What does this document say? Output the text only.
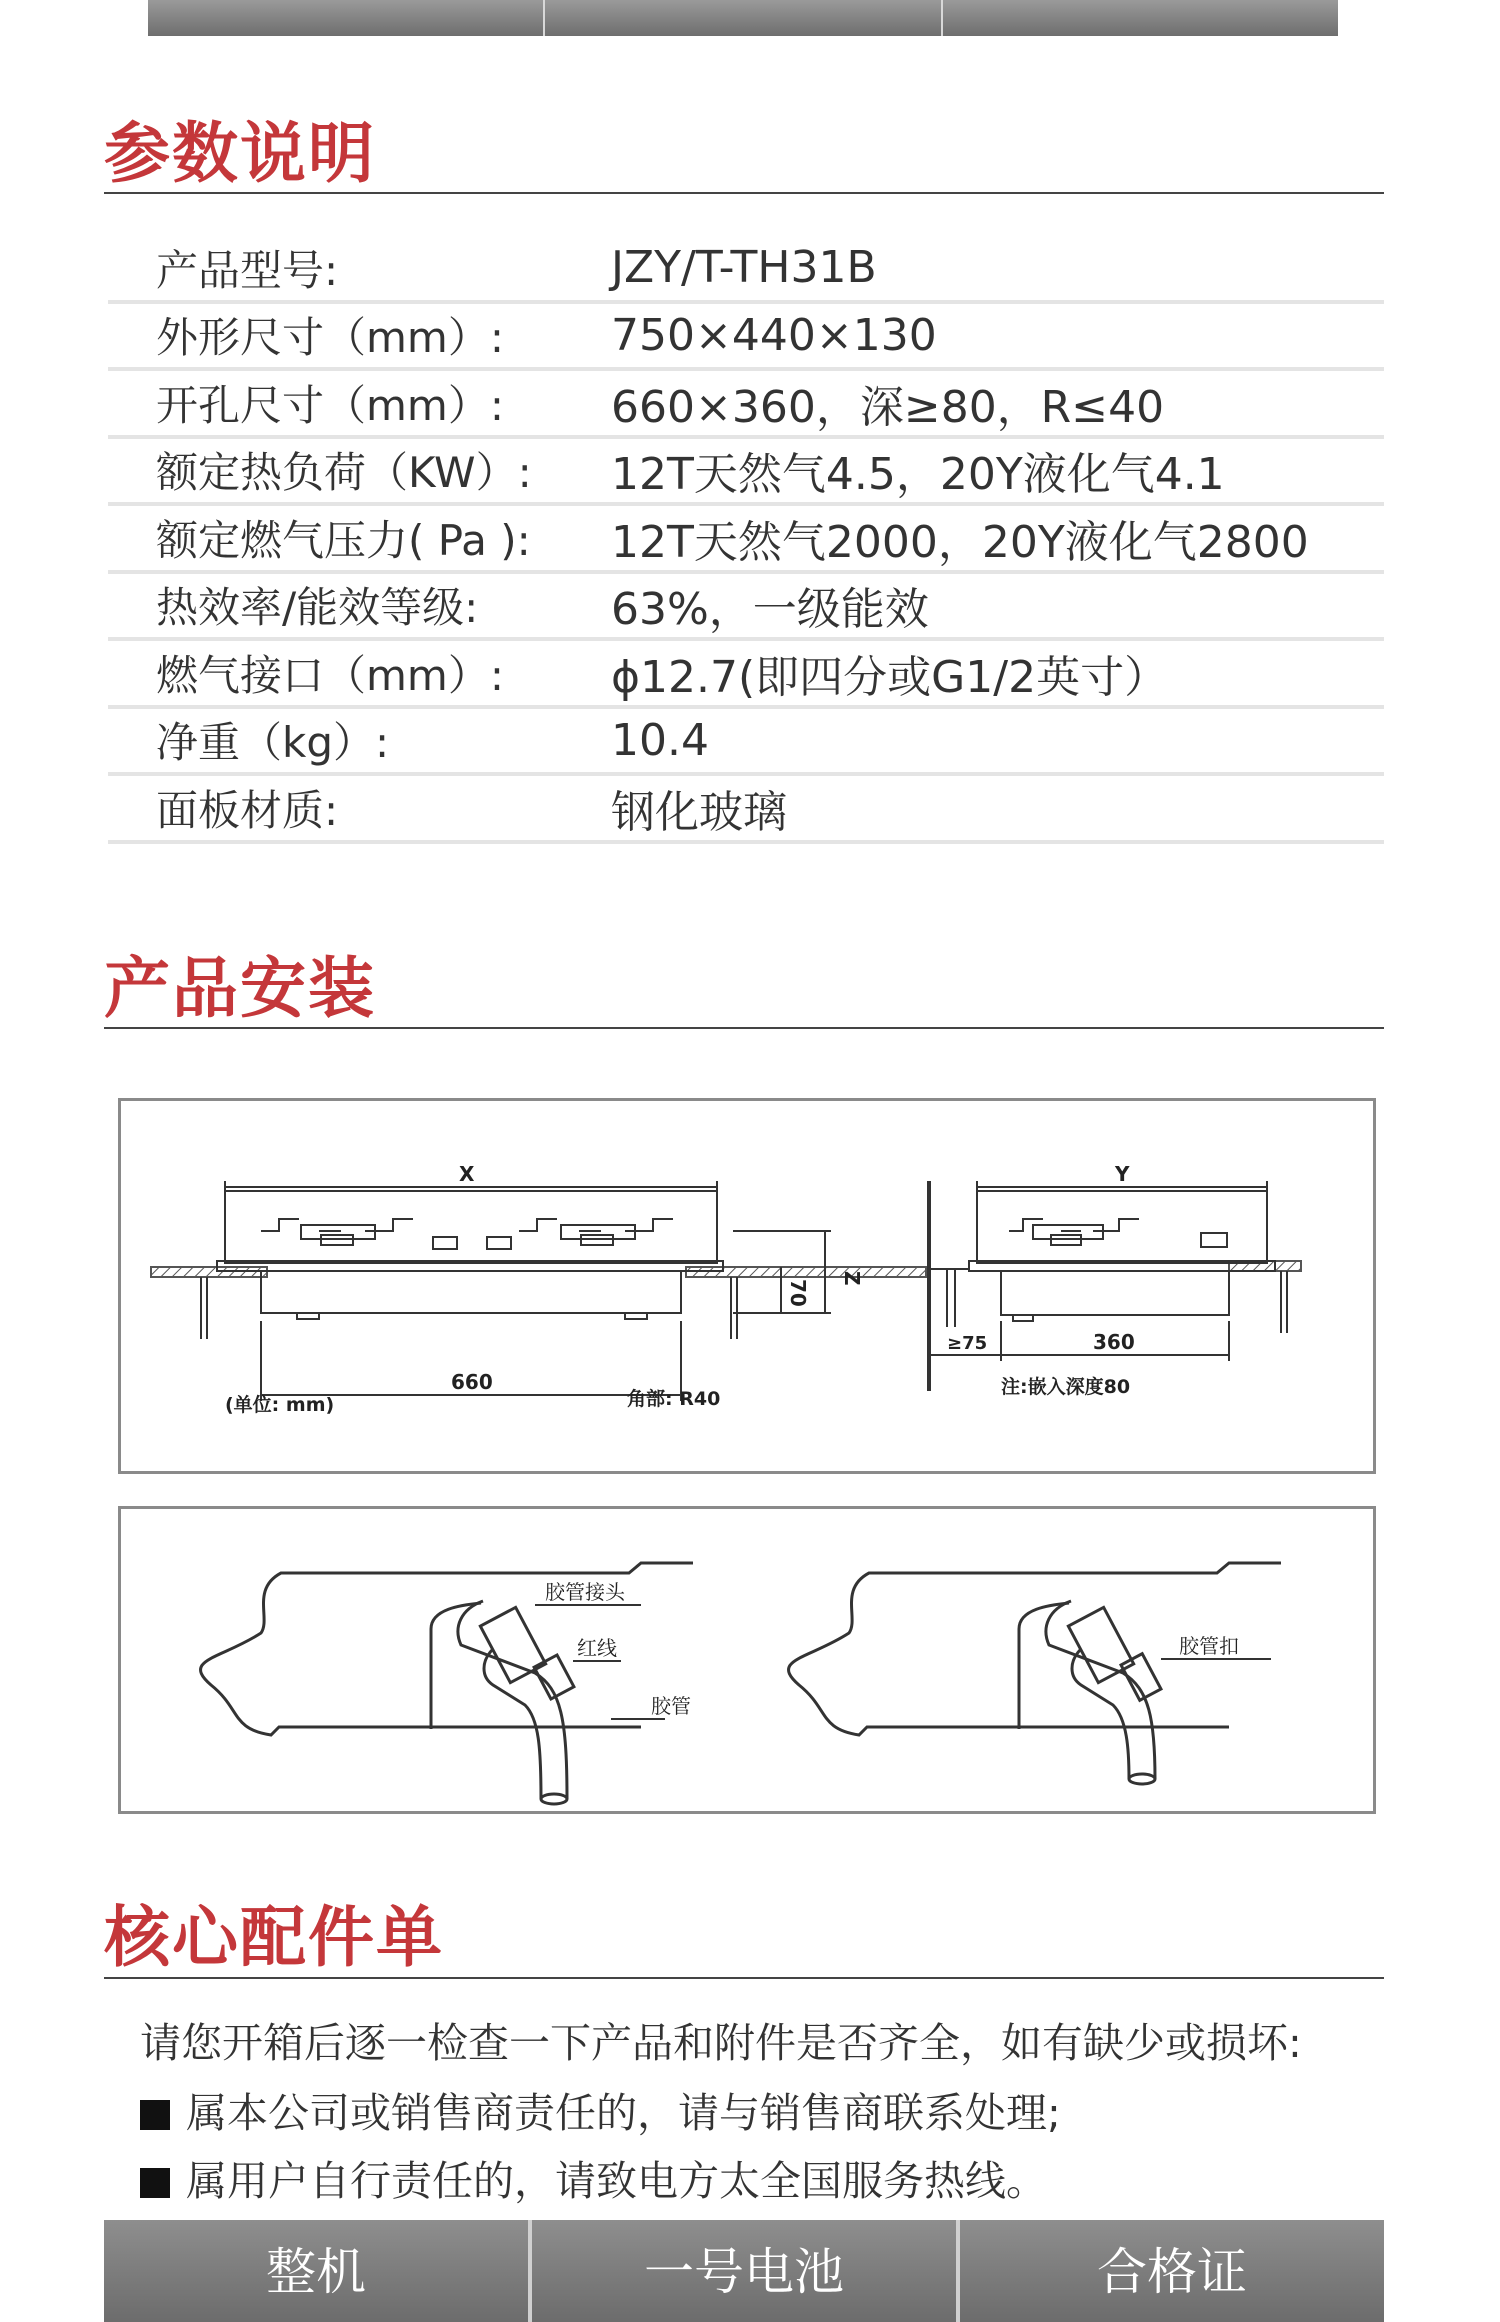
参数说明
产品型号:	JZY/T-TH31B
外形尺寸（mm）:	750×440×130
开孔尺寸（mm）:	660×360，深≥80，R≤40
额定热负荷（KW）:	12T天然气4.5，20Y液化气4.1
额定燃气压力( Pa ):	12T天然气2000，20Y液化气2800
热效率/能效等级:	63%，一级能效
燃气接口（mm）:	ϕ12.7(即四分或G1/2英寸）
净重（kg）:	10.4
面板材质:	钢化玻璃
产品安装
X
660
Z
70
(单位: mm)	角部: R40
Y
≥75	360
注:嵌入深度80
胶管接头
红线
胶管
胶管扣
核心配件单
请您开箱后逐一检查一下产品和附件是否齐全，如有缺少或损坏:
属本公司或销售商责任的，请与销售商联系处理;
属用户自行责任的，请致电方太全国服务热线。
整机	一号电池	合格证
